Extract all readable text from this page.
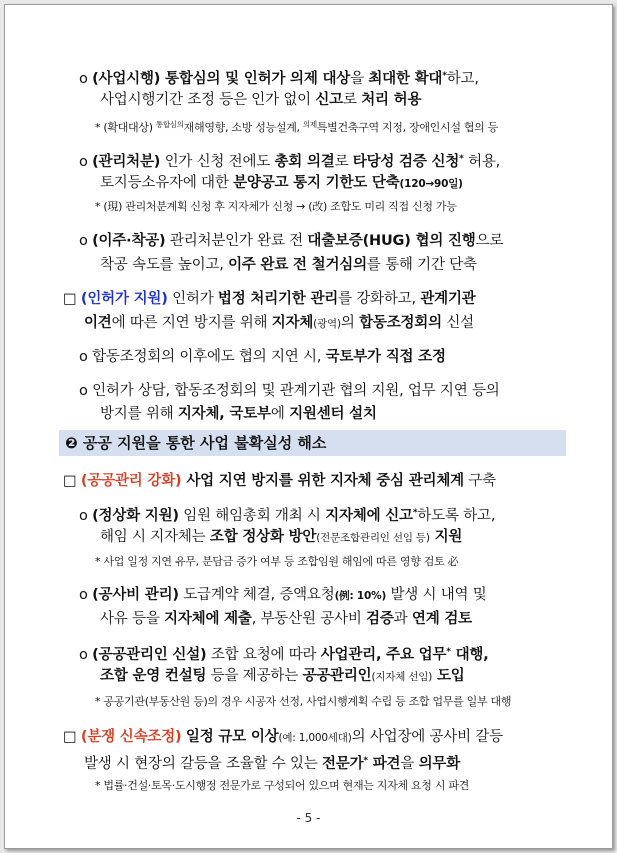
ο (사업시행) 통합심의 및 인허가 의제 대상을 최대한 확대*하고,
사업시행기간 조정 등은 인가 없이 신고로 처리 허용
* (확대대상) $^{통합심의}$재해영향, 소방 성능설계, $^{의제}$특별건축구역 지정, 장애인시설 협의 등
ο (관리처분) 인가 신청 전에도 총회 의결로 타당성 검증 신청* 허용,
토지등소유자에 대한 분양공고 통지 기한도 단축(120→90일)
* (現) 관리처분계획 신청 후 지자체가 신청 → (改) 조합도 미리 직접 신청 가능
ο (이주·착공) 관리처분인가 완료 전 대출보증(HUG) 협의 진행으로
착공 속도를 높이고, 이주 완료 전 철거심의를 통해 기간 단축
□ (인허가 지원) 인허가 법정 처리기한 관리를 강화하고, 관계기관
이견에 따른 지연 방지를 위해 지자체(광역)의 합동조정회의 신설
ο 합동조정회의 이후에도 협의 지연 시, 국토부가 직접 조정
ο 인허가 상담, 합동조정회의 및 관계기관 협의 지원, 업무 지연 등의
방지를 위해 지자체, 국토부에 지원센터 설치
❷ 공공 지원을 통한 사업 불확실성 해소
□ (공공관리 강화) 사업 지연 방지를 위한 지자체 중심 관리체계 구축
ο (정상화 지원) 임원 해임총회 개최 시 지자체에 신고*하도록 하고,
해임 시 지자체는 조합 정상화 방안(전문조합관리인 선임 등) 지원
* 사업 일정 지연 유무, 분담금 증가 여부 등 조합임원 해임에 따른 영향 검토 必
ο (공사비 관리) 도급계약 체결, 증액요청(例: 10%) 발생 시 내역 및
사유 등을 지자체에 제출, 부동산원 공사비 검증과 연계 검토
ο (공공관리인 신설) 조합 요청에 따라 사업관리, 주요 업무* 대행,
조합 운영 컨설팅 등을 제공하는 공공관리인(지자체 선임) 도입
* 공공기관(부동산원 등)의 경우 시공자 선정, 사업시행계획 수립 등 조합 업무를 일부 대행
□ (분쟁 신속조정) 일정 규모 이상(예: 1,000세대)의 사업장에 공사비 갈등
발생 시 현장의 갈등을 조율할 수 있는 전문가* 파견을 의무화
* 법률·건설·토목·도시행정 전문가로 구성되어 있으며 현재는 지자체 요청 시 파견
- 5 -
